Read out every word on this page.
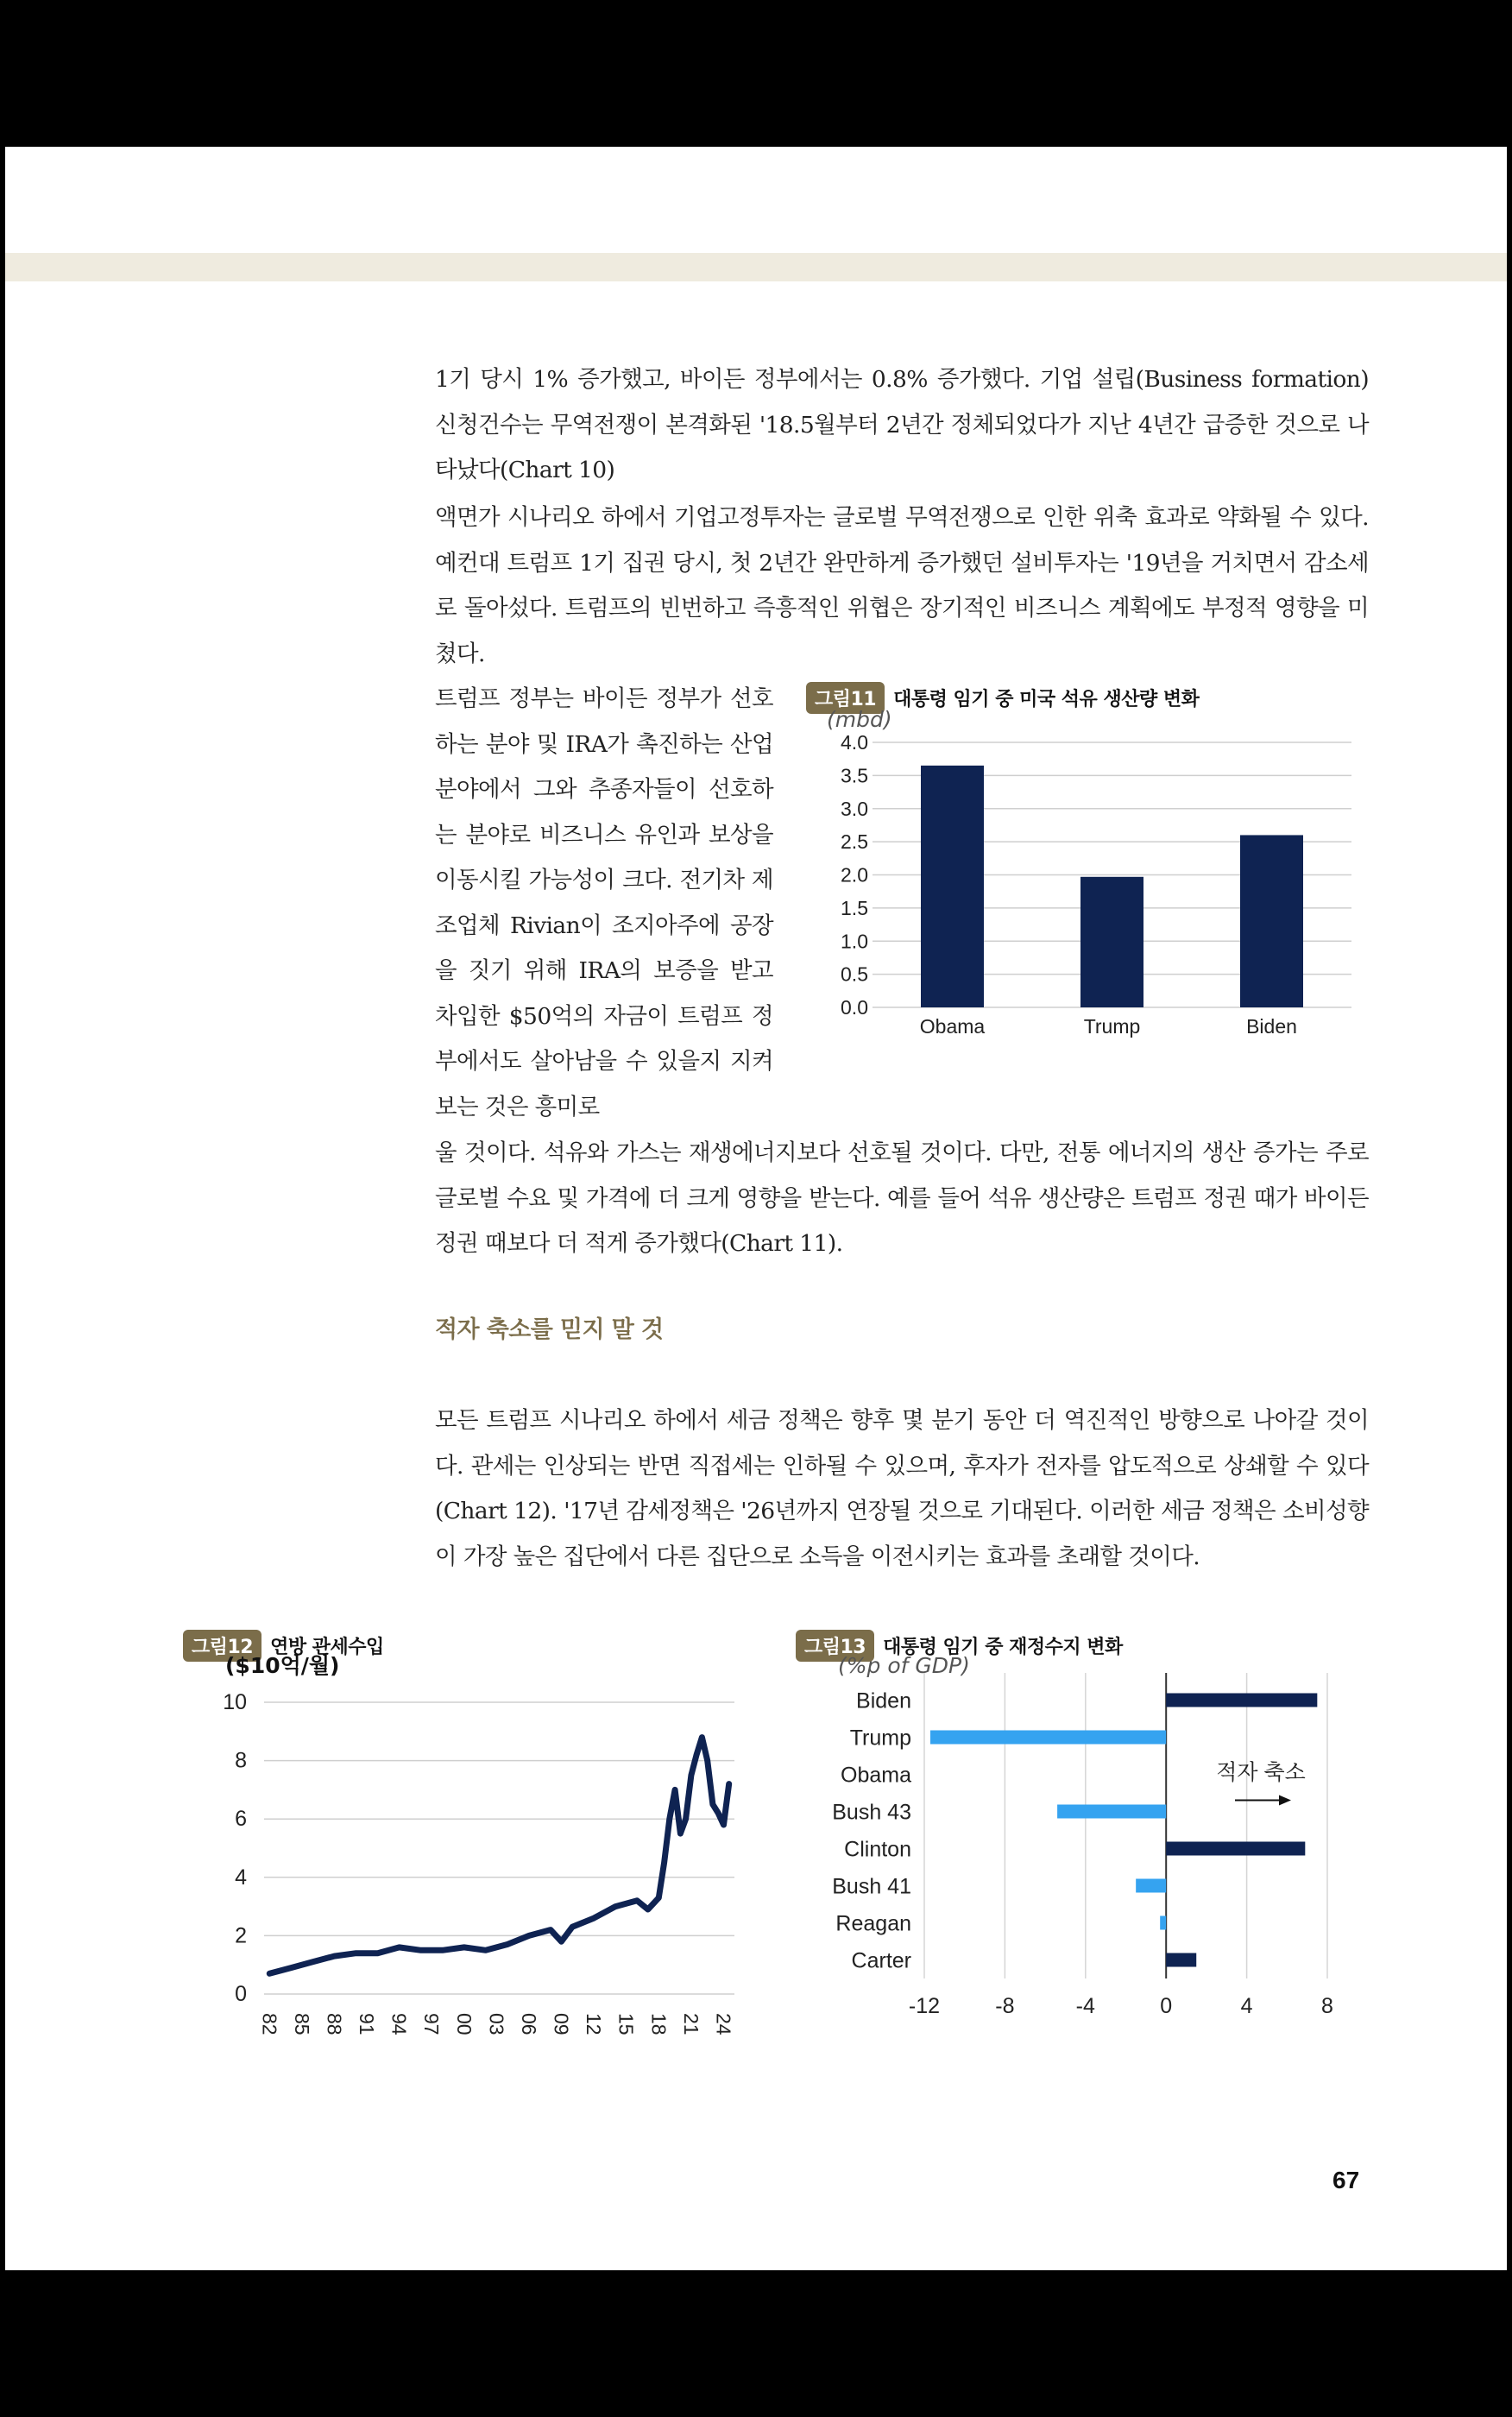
1기 당시 1% 증가했고, 바이든 정부에서는 0.8% 증가했다. 기업 설립(Business formation) 신청건수는 무역전쟁이 본격화된 '18.5월부터 2년간 정체되었다가 지난 4년간 급증한 것으로 나타났다(Chart 10)

액면가 시나리오 하에서 기업고정투자는 글로벌 무역전쟁으로 인한 위축 효과로 약화될 수 있다. 예컨대 트럼프 1기 집권 당시, 첫 2년간 완만하게 증가했던 설비투자는 '19년을 거치면서 감소세로 돌아섰다. 트럼프의 빈번하고 즉흥적인 위협은 장기적인 비즈니스 계획에도 부정적 영향을 미쳤다.

트럼프 정부는 바이든 정부가 선호하는 분야 및 IRA가 촉진하는 산업 분야에서 그와 추종자들이 선호하는 분야로 비즈니스 유인과 보상을 이동시킬 가능성이 크다. 전기차 제조업체 Rivian이 조지아주에 공장을 짓기 위해 IRA의 보증을 받고 차입한 $50억의 자금이 트럼프 정부에서도 살아남을 수 있을지 지켜보는 것은 흥미로

그림11 대통령 임기 중 미국 석유 생산량 변화
(mbd)
0.0
0.5
1.0
1.5
2.0
2.5
3.0
3.5
4.0
Obama	Trump	Biden

울 것이다. 석유와 가스는 재생에너지보다 선호될 것이다. 다만, 전통 에너지의 생산 증가는 주로 글로벌 수요 및 가격에 더 크게 영향을 받는다. 예를 들어 석유 생산량은 트럼프 정권 때가 바이든 정권 때보다 더 적게 증가했다(Chart 11).

적자 축소를 믿지 말 것

모든 트럼프 시나리오 하에서 세금 정책은 향후 몇 분기 동안 더 역진적인 방향으로 나아갈 것이다. 관세는 인상되는 반면 직접세는 인하될 수 있으며, 후자가 전자를 압도적으로 상쇄할 수 있다(Chart 12). '17년 감세정책은 '26년까지 연장될 것으로 기대된다. 이러한 세금 정책은 소비성향이 가장 높은 집단에서 다른 집단으로 소득을 이전시키는 효과를 초래할 것이다.

그림12 연방 관세수입
($10억/월)
0
2
4
6
8
10
82 85 88 91 94 97 00 03 06 09 12 15 18 21 24
그림13 대통령 임기 중 재정수지 변화
(%p of GDP)
-12	-8	-4	0	4	8
Biden
Trump
Obama
Bush 43
Clinton
Bush 41
Reagan
Carter
적자 축소
67
